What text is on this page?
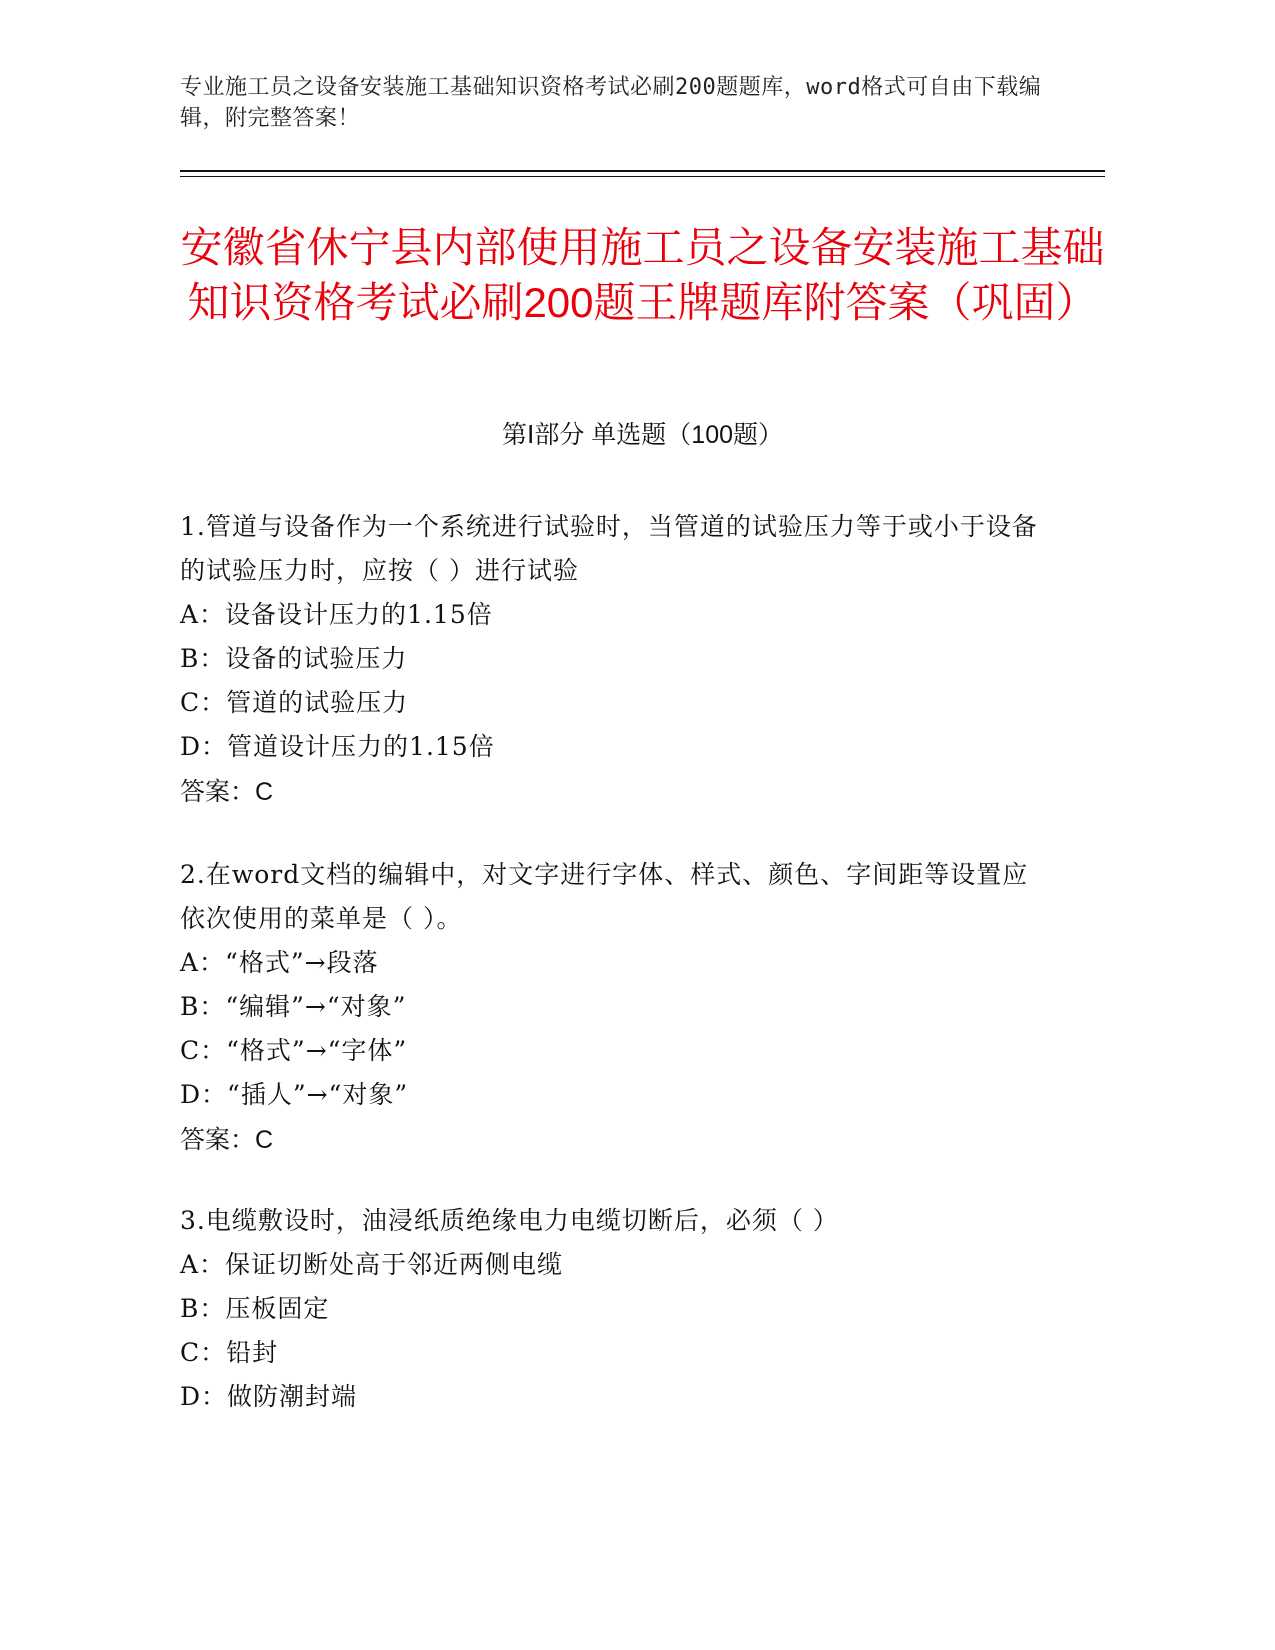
专业施工员之设备安装施工基础知识资格考试必刷200题题库，word格式可自由下载编辑，附完整答案！
安徽省休宁县内部使用施工员之设备安装施工基础知识资格考试必刷200题王牌题库附答案（巩固）
第Ⅰ部分 单选题（100题）

1.管道与设备作为一个系统进行试验时，当管道的试验压力等于或小于设备的试验压力时，应按（ ）进行试验

A：设备设计压力的1.15倍

B：设备的试验压力

C：管道的试验压力

D：管道设计压力的1.15倍

答案：C

2.在word文档的编辑中，对文字进行字体、样式、颜色、字间距等设置应依次使用的菜单是（ ）。

A：“格式”→段落

B：“编辑”→“对象”

C：“格式”→“字体”

D：“插人”→“对象”

答案：C

3.电缆敷设时，油浸纸质绝缘电力电缆切断后，必须（ ）

A：保证切断处高于邻近两侧电缆

B：压板固定

C：铅封

D：做防潮封端
